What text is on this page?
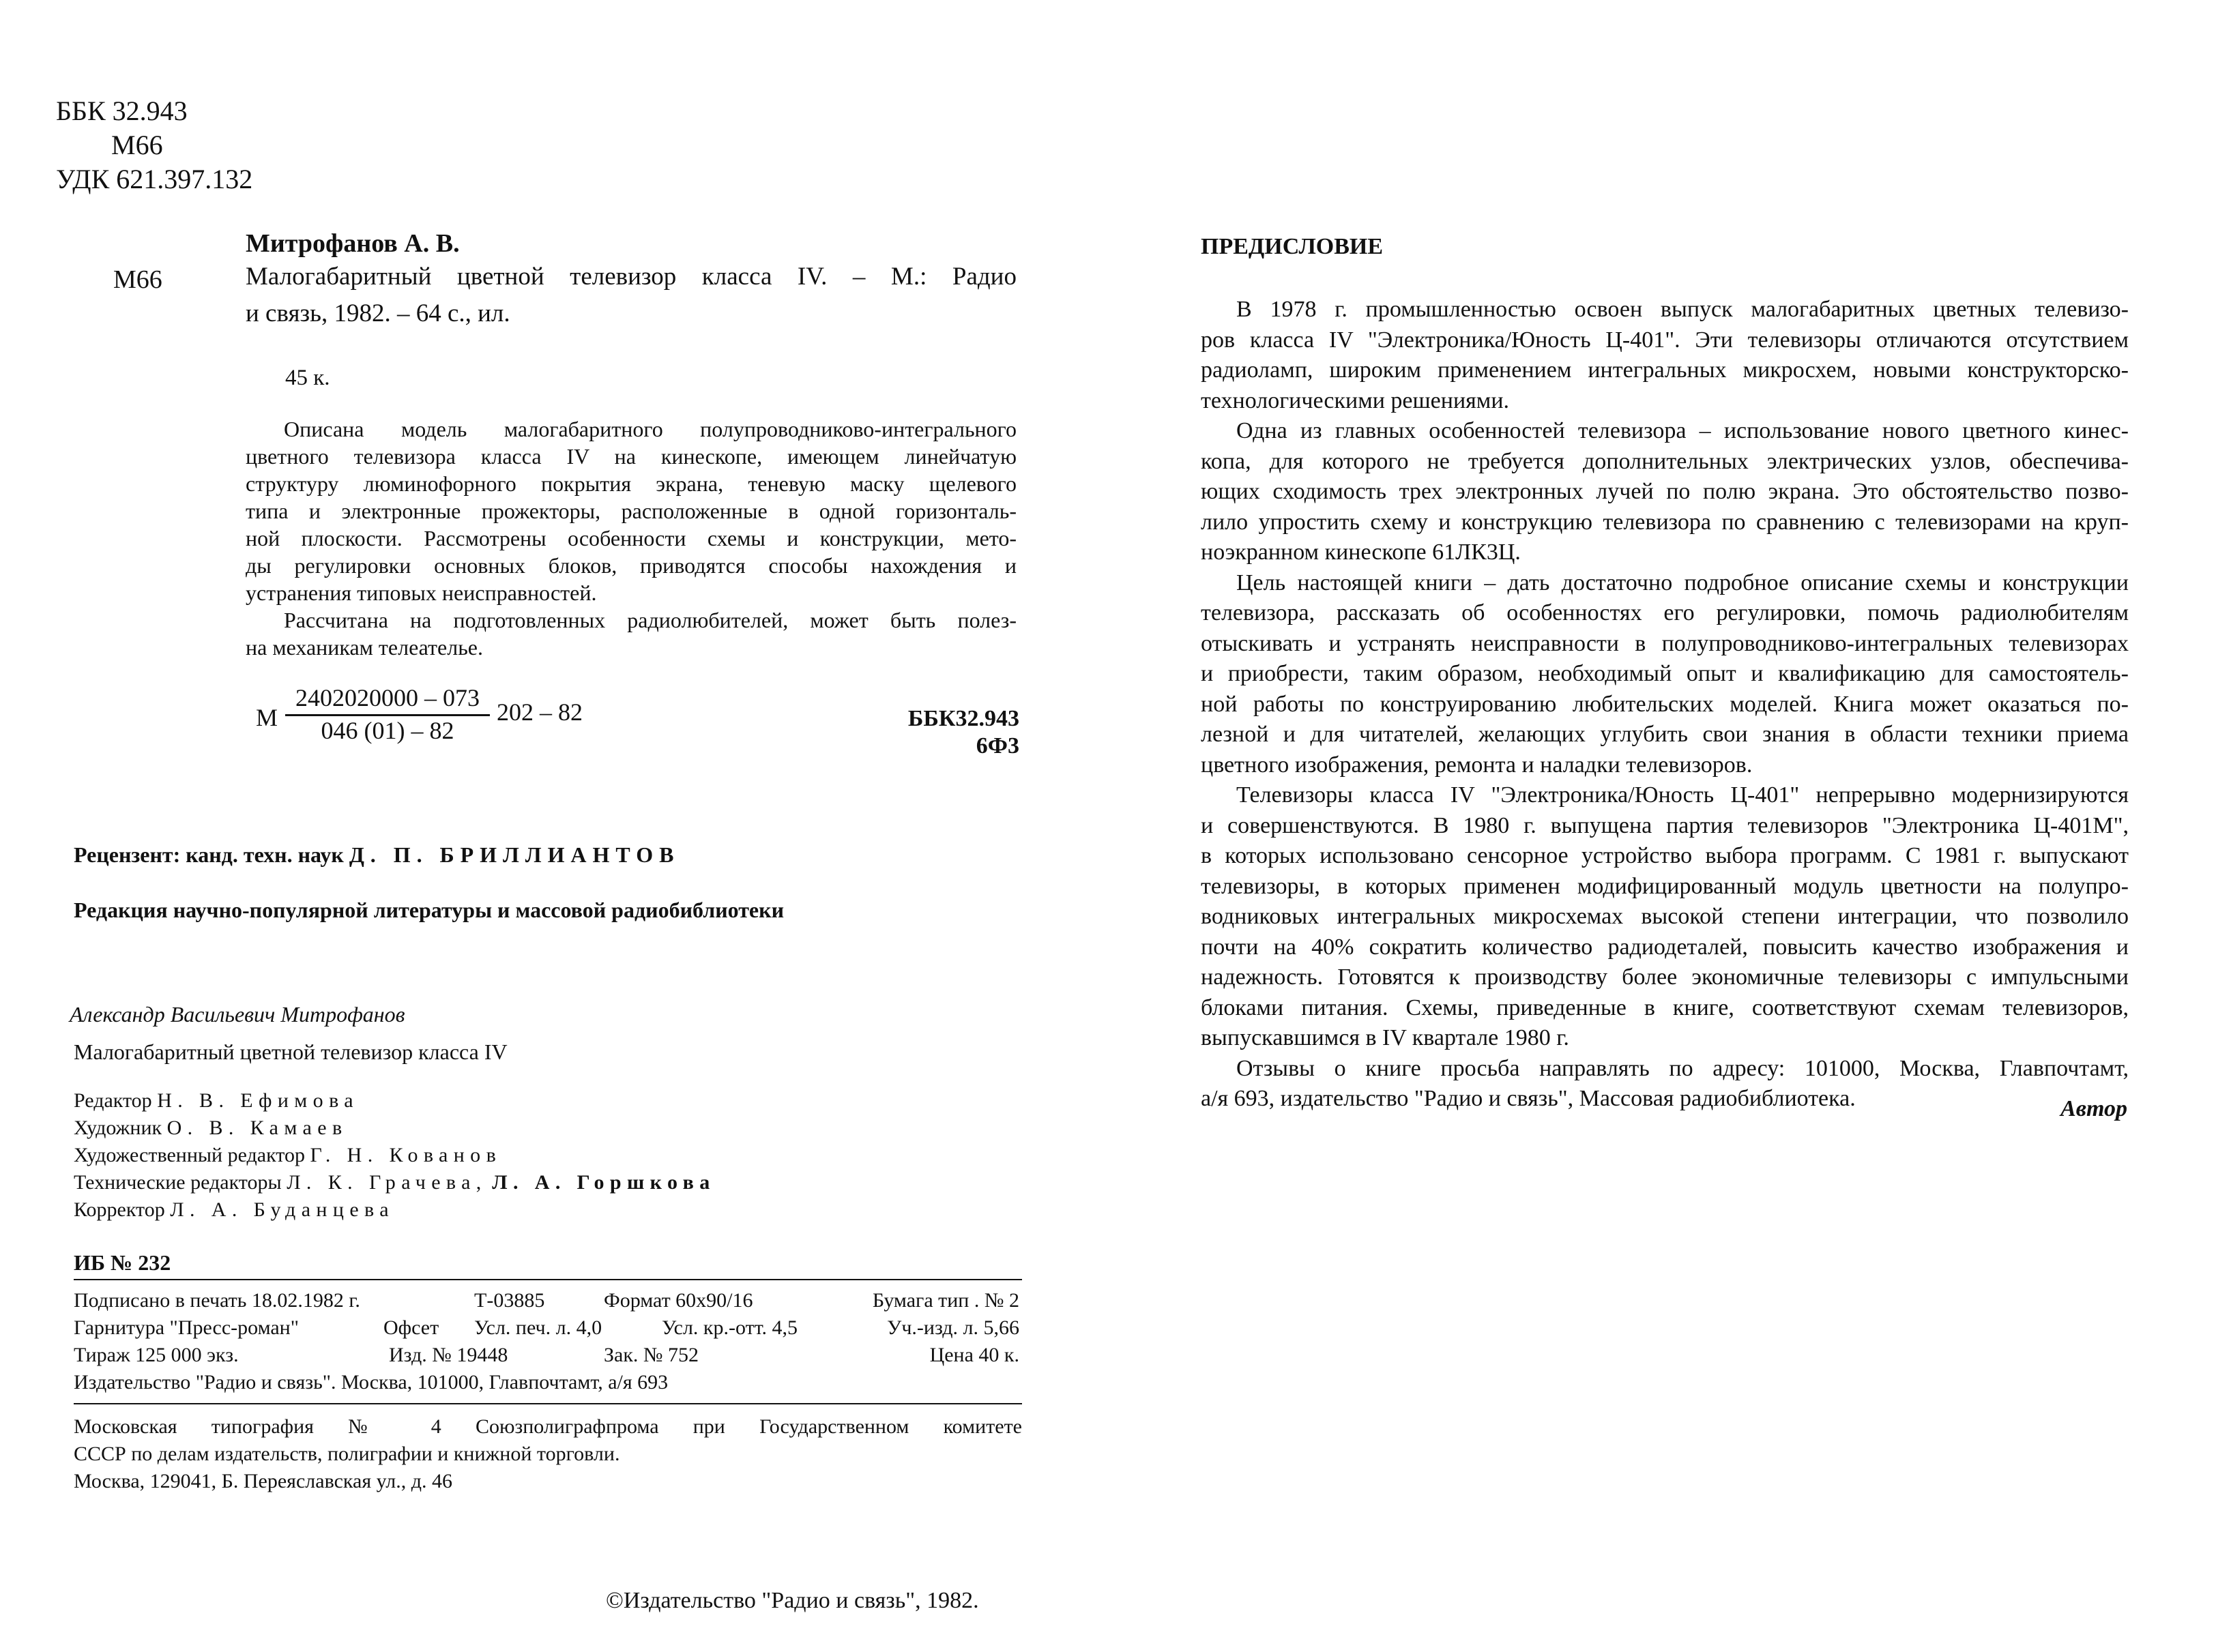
ББК 32.943
М66
УДК 621.397.132
Митрофанов А. В.
М66	Малогабаритный цветной телевизор класса IV. – М.: Радио
и связь, 1982. – 64 с., ил.
45 к.
Описана модель малогабаритного полупроводниково-интегрального
цветного телевизора класса IV на кинескопе, имеющем линейчатую
структуру люминофорного покрытия экрана, теневую маску щелевого
типа и электронные прожекторы, расположенные в одной горизонталь-
ной плоскости. Рассмотрены особенности схемы и конструкции, мето-
ды регулировки основных блоков, приводятся способы нахождения и
устранения типовых неисправностей.
Рассчитана на подготовленных радиолюбителей, может быть полез-
на механикам телеателье.
М
2402020000 – 073
046 (01) – 82
202 – 82	ББК32.943
6Ф3
Рецензент: канд. техн. наук Д. П. БРИЛЛИАНТОВ
Редакция научно-популярной литературы и массовой радиобиблиотеки
Александр Васильевич Митрофанов
Малогабаритный цветной телевизор класса IV
Редактор Н. В. Ефимова
Художник О. В. Камаев
Художественный редактор Г. Н. Кованов
Технические редакторы Л. К. Грачева, Л. А. Горшкова
Корректор Л. А. Буданцева
ИБ № 232
Подписано в печать 18.02.1982 г.	Т-03885	Формат 60х90/16	Бумага тип . № 2
Гарнитура "Пресс-роман"	Офсет Усл. печ. л. 4,0	Усл. кр.-отт. 4,5	Уч.-изд. л. 5,66
Тираж 125 000 экз.	Изд. № 19448	Зак. № 752	Цена 40 к.
Издательство "Радио и связь". Москва, 101000, Главпочтамт, а/я 693
Московская типография № 4 Союзполиграфпрома при Государственном комитете
СССР по делам издательств, полиграфии и книжной торговли.
Москва, 129041, Б. Переяславская ул., д. 46
©Издательство "Радио и связь", 1982.
ПРЕДИСЛОВИЕ
В 1978 г. промышленностью освоен выпуск малогабаритных цветных телевизо-
ров класса IV "Электроника/Юность Ц-401". Эти телевизоры отличаются отсутствием
радиоламп, широким применением интегральных микросхем, новыми конструкторско-
технологическими решениями.
Одна из главных особенностей телевизора – использование нового цветного кинес-
копа, для которого не требуется дополнительных электрических узлов, обеспечива-
ющих сходимость трех электронных лучей по полю экрана. Это обстоятельство позво-
лило упростить схему и конструкцию телевизора по сравнению с телевизорами на круп-
ноэкранном кинескопе 61ЛК3Ц.
Цель настоящей книги – дать достаточно подробное описание схемы и конструкции
телевизора, рассказать об особенностях его регулировки, помочь радиолюбителям
отыскивать и устранять неисправности в полупроводниково-интегральных телевизорах
и приобрести, таким образом, необходимый опыт и квалификацию для самостоятель-
ной работы по конструированию любительских моделей. Книга может оказаться по-
лезной и для читателей, желающих углубить свои знания в области техники приема
цветного изображения, ремонта и наладки телевизоров.
Телевизоры класса IV "Электроника/Юность Ц-401" непрерывно модернизируются
и совершенствуются. В 1980 г. выпущена партия телевизоров "Электроника Ц-401М",
в которых использовано сенсорное устройство выбора программ. С 1981 г. выпускают
телевизоры, в которых применен модифицированный модуль цветности на полупро-
водниковых интегральных микросхемах высокой степени интеграции, что позволило
почти на 40% сократить количество радиодеталей, повысить качество изображения и
надежность. Готовятся к производству более экономичные телевизоры с импульсными
блоками питания. Схемы, приведенные в книге, соответствуют схемам телевизоров,
выпускавшимся в IV квартале 1980 г.
Отзывы о книге просьба направлять по адресу: 101000, Москва, Главпочтамт,
а/я 693, издательство "Радио и связь", Массовая радиобиблиотека.	Автор
